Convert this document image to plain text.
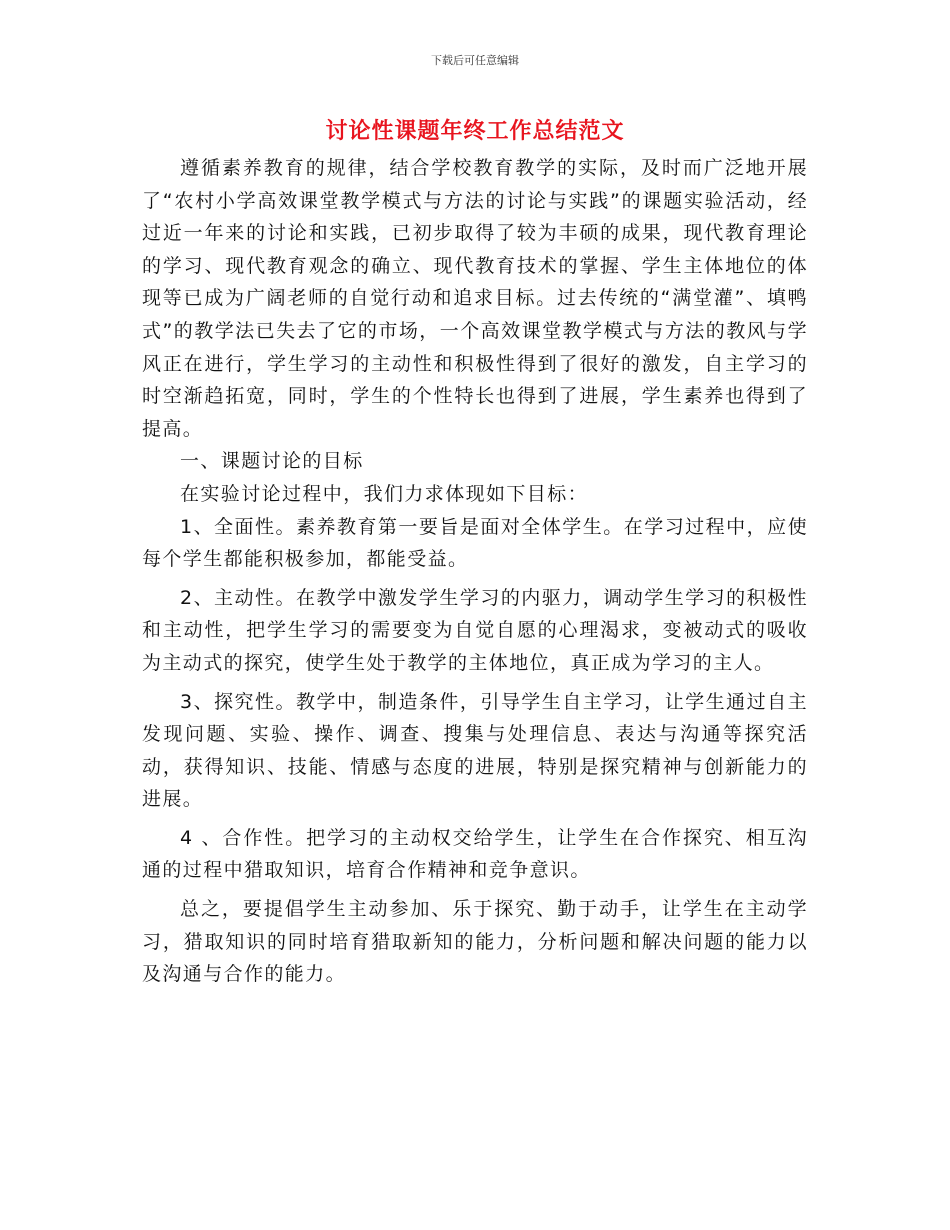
下载后可任意编辑
讨论性课题年终工作总结范文

遵循素养教育的规律，结合学校教育教学的实际，及时而广泛地开展了“农村小学高效课堂教学模式与方法的讨论与实践”的课题实验活动，经过近一年来的讨论和实践，已初步取得了较为丰硕的成果，现代教育理论的学习、现代教育观念的确立、现代教育技术的掌握、学生主体地位的体现等已成为广阔老师的自觉行动和追求目标。过去传统的“满堂灌”、填鸭式”的教学法已失去了它的市场，一个高效课堂教学模式与方法的教风与学风正在进行，学生学习的主动性和积极性得到了很好的激发，自主学习的时空渐趋拓宽，同时，学生的个性特长也得到了进展，学生素养也得到了提高。

一、课题讨论的目标

在实验讨论过程中，我们力求体现如下目标：

1、全面性。素养教育第一要旨是面对全体学生。在学习过程中，应使每个学生都能积极参加，都能受益。

2、主动性。在教学中激发学生学习的内驱力，调动学生学习的积极性和主动性，把学生学习的需要变为自觉自愿的心理渴求，变被动式的吸收为主动式的探究，使学生处于教学的主体地位，真正成为学习的主人。

3、探究性。教学中，制造条件，引导学生自主学习，让学生通过自主发现问题、实验、操作、调查、搜集与处理信息、表达与沟通等探究活动，获得知识、技能、情感与态度的进展，特别是探究精神与创新能力的进展。

4 、合作性。把学习的主动权交给学生，让学生在合作探究、相互沟通的过程中猎取知识，培育合作精神和竞争意识。

总之，要提倡学生主动参加、乐于探究、勤于动手，让学生在主动学习，猎取知识的同时培育猎取新知的能力，分析问题和解决问题的能力以及沟通与合作的能力。
